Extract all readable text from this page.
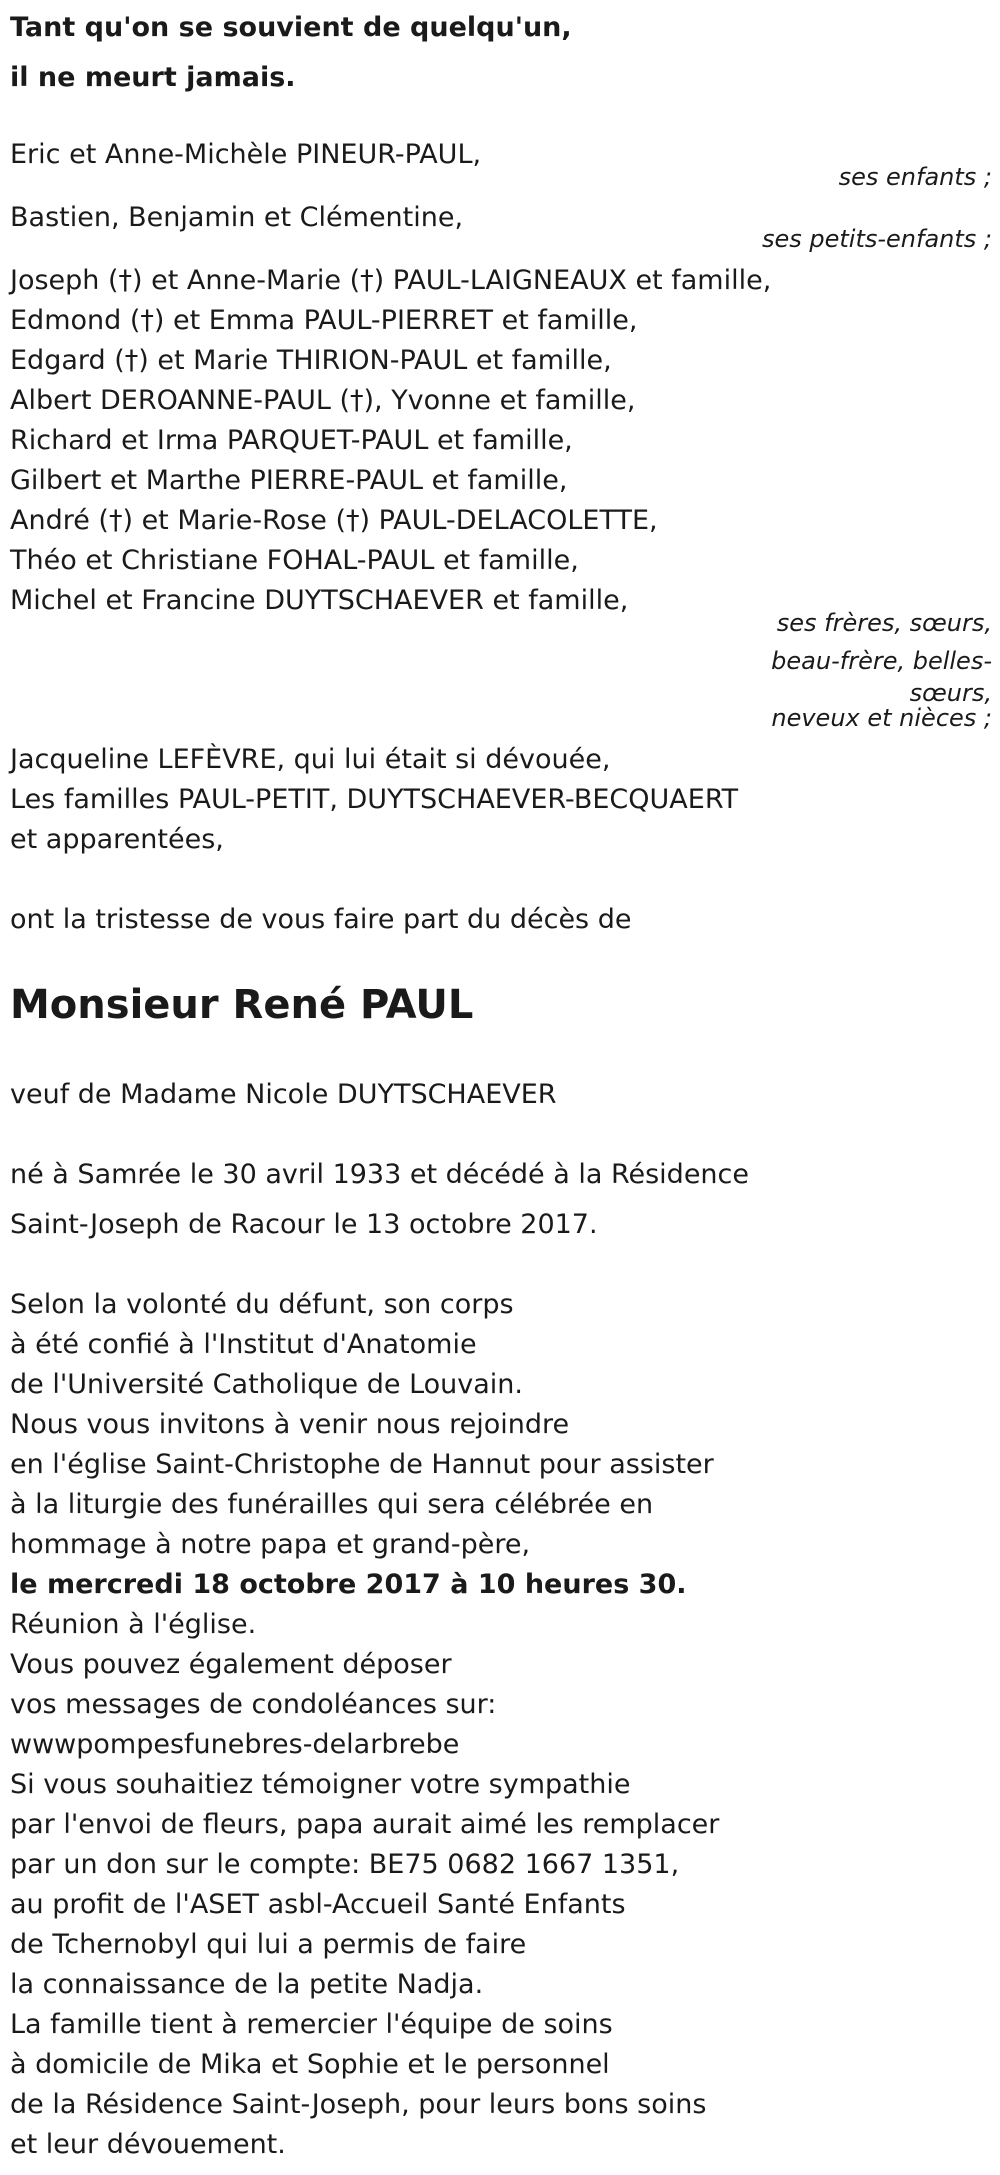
Tant qu'on se souvient de quelqu'un,
il ne meurt jamais.
Eric et Anne-Michèle PINEUR-PAUL,
ses enfants ;
Bastien, Benjamin et Clémentine,
ses petits-enfants ;
Joseph (†) et Anne-Marie (†) PAUL-LAIGNEAUX et famille,
Edmond (†) et Emma PAUL-PIERRET et famille,
Edgard (†) et Marie THIRION-PAUL et famille,
Albert DEROANNE-PAUL (†), Yvonne et famille,
Richard et Irma PARQUET-PAUL et famille,
Gilbert et Marthe PIERRE-PAUL et famille,
André (†) et Marie-Rose (†) PAUL-DELACOLETTE,
Théo et Christiane FOHAL-PAUL et famille,
Michel et Francine DUYTSCHAEVER et famille,
ses frères, sœurs,
beau-frère, belles-
sœurs,
neveux et nièces ;
Jacqueline LEFÈVRE, qui lui était si dévouée,
Les familles PAUL-PETIT, DUYTSCHAEVER-BECQUAERT
et apparentées,
ont la tristesse de vous faire part du décès de
Monsieur René PAUL
veuf de Madame Nicole DUYTSCHAEVER
né à Samrée le 30 avril 1933 et décédé à la Résidence
Saint-Joseph de Racour le 13 octobre 2017.
Selon la volonté du défunt, son corps
à été confié à l'Institut d'Anatomie
de l'Université Catholique de Louvain.
Nous vous invitons à venir nous rejoindre
en l'église Saint-Christophe de Hannut pour assister
à la liturgie des funérailles qui sera célébrée en
hommage à notre papa et grand-père,
le mercredi 18 octobre 2017 à 10 heures 30.
Réunion à l'église.
Vous pouvez également déposer
vos messages de condoléances sur:
wwwpompesfunebres-delarbrebe
Si vous souhaitiez témoigner votre sympathie
par l'envoi de fleurs, papa aurait aimé les remplacer
par un don sur le compte: BE75 0682 1667 1351,
au profit de l'ASET asbl-Accueil Santé Enfants
de Tchernobyl qui lui a permis de faire
la connaissance de la petite Nadja.
La famille tient à remercier l'équipe de soins
à domicile de Mika et Sophie et le personnel
de la Résidence Saint-Joseph, pour leurs bons soins
et leur dévouement.
